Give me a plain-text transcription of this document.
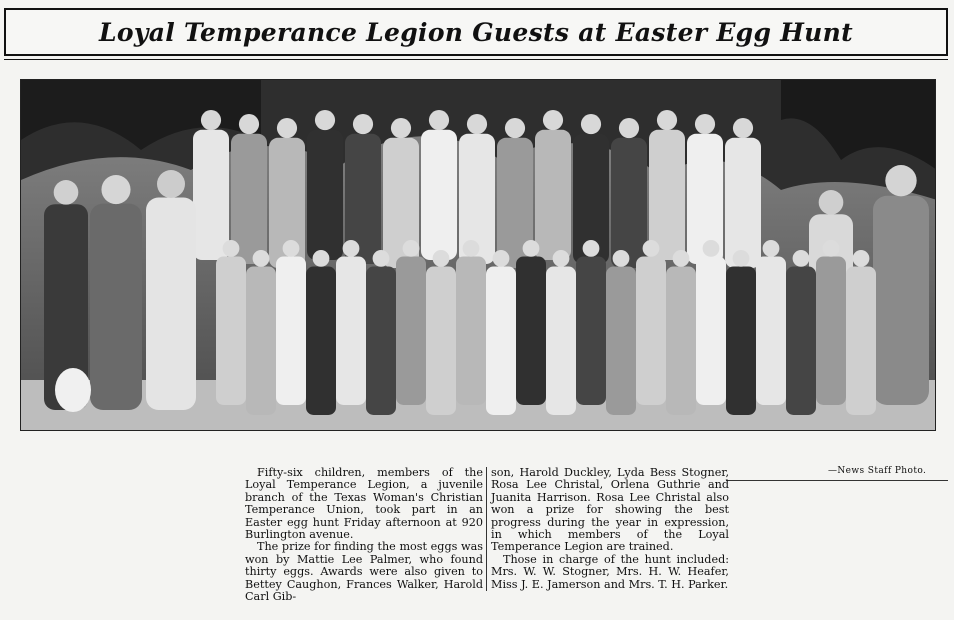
Loyal Temperance Legion Guests at Easter Egg Hunt
—News Staff Photo.

Fifty-six children, members of the Loyal Temperance Legion, a juvenile branch of the Texas Woman's Christian Temperance Union, took part in an Easter egg hunt Friday afternoon at 920 Burlington avenue.

The prize for finding the most eggs was won by Mattie Lee Palmer, who found thirty eggs. Awards were also given to Bettey Caughon, Frances Walker, Harold Carl Gib-

son, Harold Duckley, Lyda Bess Stogner, Rosa Lee Christal, Orlena Guthrie and Juanita Harrison. Rosa Lee Christal also won a prize for showing the best progress during the year in expression, in which members of the Loyal Temperance Legion are trained.

Those in charge of the hunt included: Mrs. W. W. Stogner, Mrs. H. W. Heafer, Miss J. E. Jamerson and Mrs. T. H. Parker.
